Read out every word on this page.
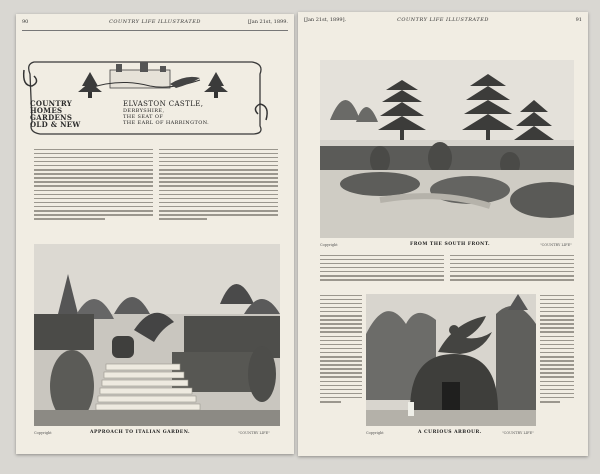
90	COUNTRY LIFE ILLUSTRATED	[Jan 21st, 1899.
COUNTRY
HOMES
GARDENS
OLD & NEW
ELVASTON CASTLE,
DERBYSHIRE,
THE SEAT OF
THE EARL OF HARRINGTON.
APPROACH TO ITALIAN GARDEN.
Copyright	"COUNTRY LIFE"
[Jan 21st, 1899].	COUNTRY LIFE ILLUSTRATED	91
FROM THE SOUTH FRONT.
Copyright	"COUNTRY LIFE"
A CURIOUS ARBOUR.
Copyright	"COUNTRY LIFE"
